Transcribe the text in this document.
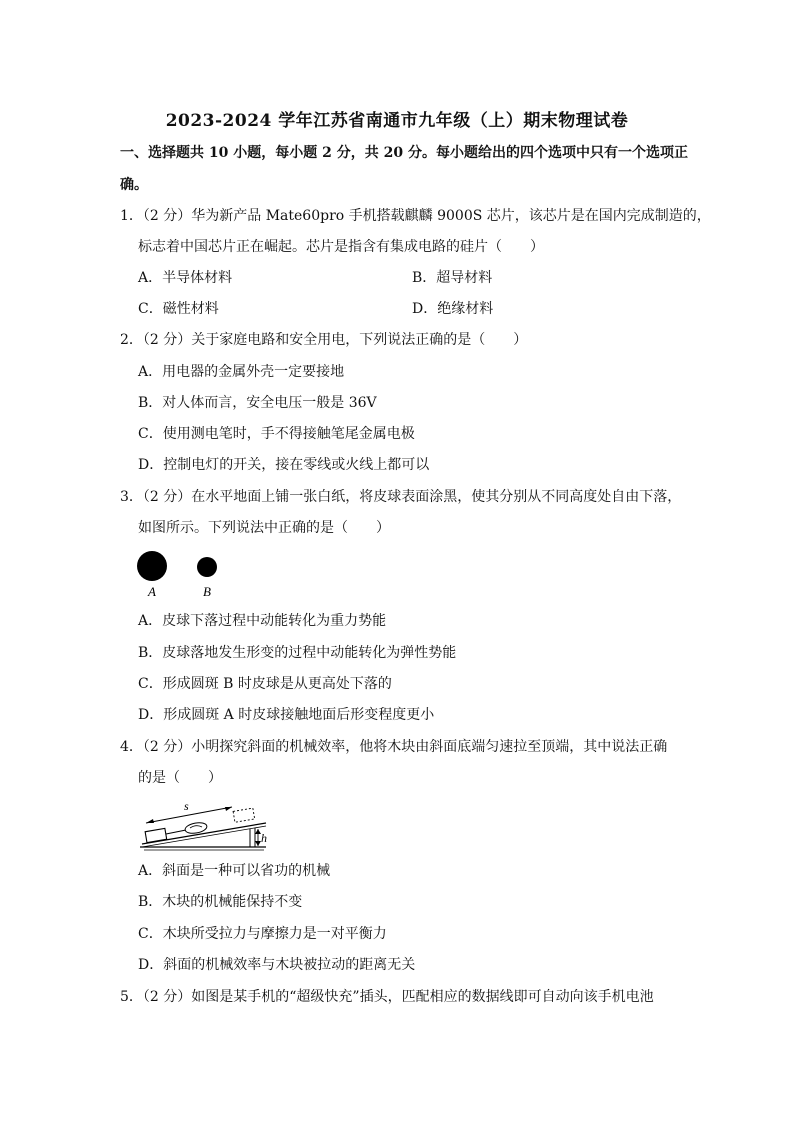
2023-2024 学年江苏省南通市九年级（上）期末物理试卷
一、选择题共 10 小题，每小题 2 分，共 20 分。每小题给出的四个选项中只有一个选项正
确。
1．（2 分）华为新产品 Mate60pro 手机搭载麒麟 9000S 芯片，该芯片是在国内完成制造的，
标志着中国芯片正在崛起。芯片是指含有集成电路的硅片（　　）
A．半导体材料	B．超导材料
C．磁性材料	D．绝缘材料
2．（2 分）关于家庭电路和安全用电，下列说法正确的是（　　）
A．用电器的金属外壳一定要接地
B．对人体而言，安全电压一般是 36V
C．使用测电笔时，手不得接触笔尾金属电极
D．控制电灯的开关，接在零线或火线上都可以
3．（2 分）在水平地面上铺一张白纸，将皮球表面涂黑，使其分别从不同高度处自由下落，
如图所示。下列说法中正确的是（　　）
A	B
A．皮球下落过程中动能转化为重力势能
B．皮球落地发生形变的过程中动能转化为弹性势能
C．形成圆斑 B 时皮球是从更高处下落的
D．形成圆斑 A 时皮球接触地面后形变程度更小
4．（2 分）小明探究斜面的机械效率，他将木块由斜面底端匀速拉至顶端，其中说法正确
的是（　　）
s
h
A．斜面是一种可以省功的机械
B．木块的机械能保持不变
C．木块所受拉力与摩擦力是一对平衡力
D．斜面的机械效率与木块被拉动的距离无关
5．（2 分）如图是某手机的“超级快充”插头，匹配相应的数据线即可自动向该手机电池
